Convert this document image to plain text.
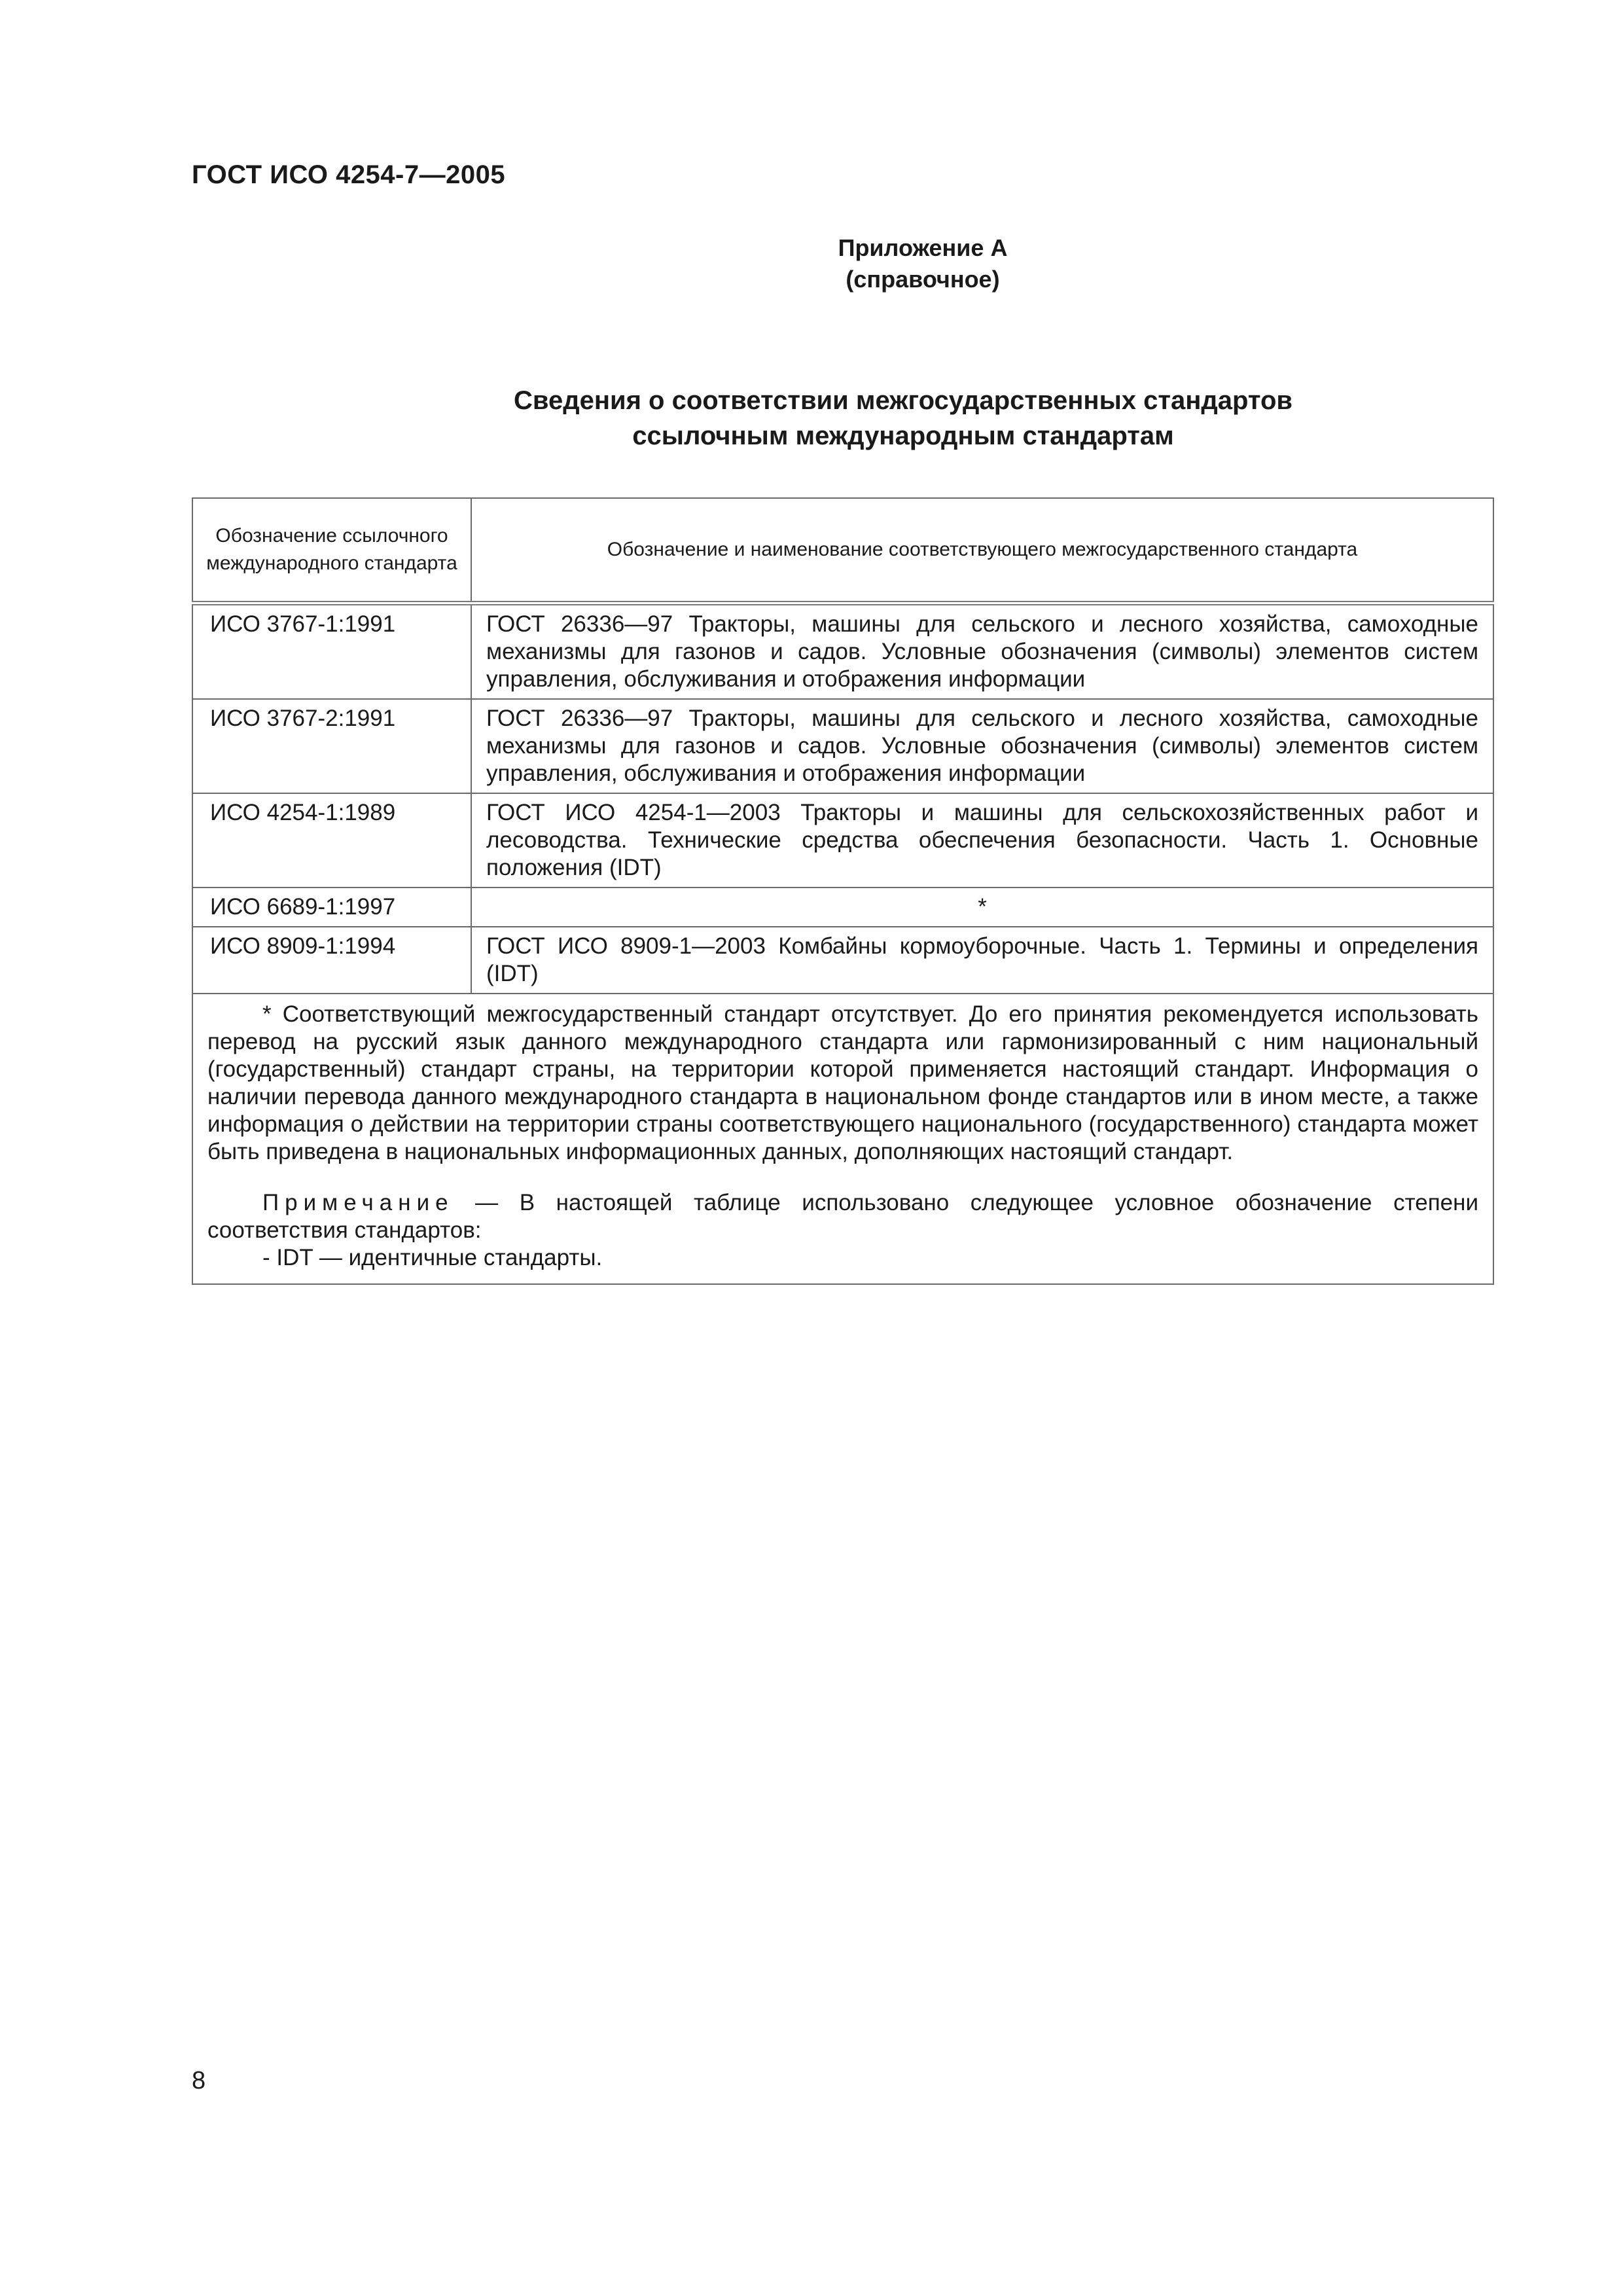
ГОСТ ИСО 4254-7—2005
Приложение А
(справочное)
Сведения о соответствии межгосударственных стандартов
ссылочным международным стандартам
Обозначение ссылочного международного стандарта	Обозначение и наименование соответствующего межгосударственного стандарта
ИСО 3767-1:1991	ГОСТ 26336—97 Тракторы, машины для сельского и лесного хозяйства, самоходные механизмы для газонов и садов. Условные обозначения (символы) элементов систем управления, обслуживания и отображения информации
ИСО 3767-2:1991	ГОСТ 26336—97 Тракторы, машины для сельского и лесного хозяйства, самоходные механизмы для газонов и садов. Условные обозначения (символы) элементов систем управления, обслуживания и отображения информации
ИСО 4254-1:1989	ГОСТ ИСО 4254-1—2003 Тракторы и машины для сельскохозяйственных работ и лесоводства. Технические средства обеспечения безопасности. Часть 1. Основные положения (IDT)
ИСО 6689-1:1997	*
ИСО 8909-1:1994	ГОСТ ИСО 8909-1—2003 Комбайны кормоуборочные. Часть 1. Термины и определения (IDT)

* Соответствующий межгосударственный стандарт отсутствует. До его принятия рекомендуется использовать перевод на русский язык данного международного стандарта или гармонизированный с ним национальный (государственный) стандарт страны, на территории которой применяется настоящий стандарт. Информация о наличии перевода данного международного стандарта в национальном фонде стандартов или в ином месте, а также информация о действии на территории страны соответствующего национального (государственного) стандарта может быть приведена в национальных информационных данных, дополняющих настоящий стандарт.

Примечание — В настоящей таблице использовано следующее условное обозначение степени соответствия стандартов:

- IDT — идентичные стандарты.	

8
